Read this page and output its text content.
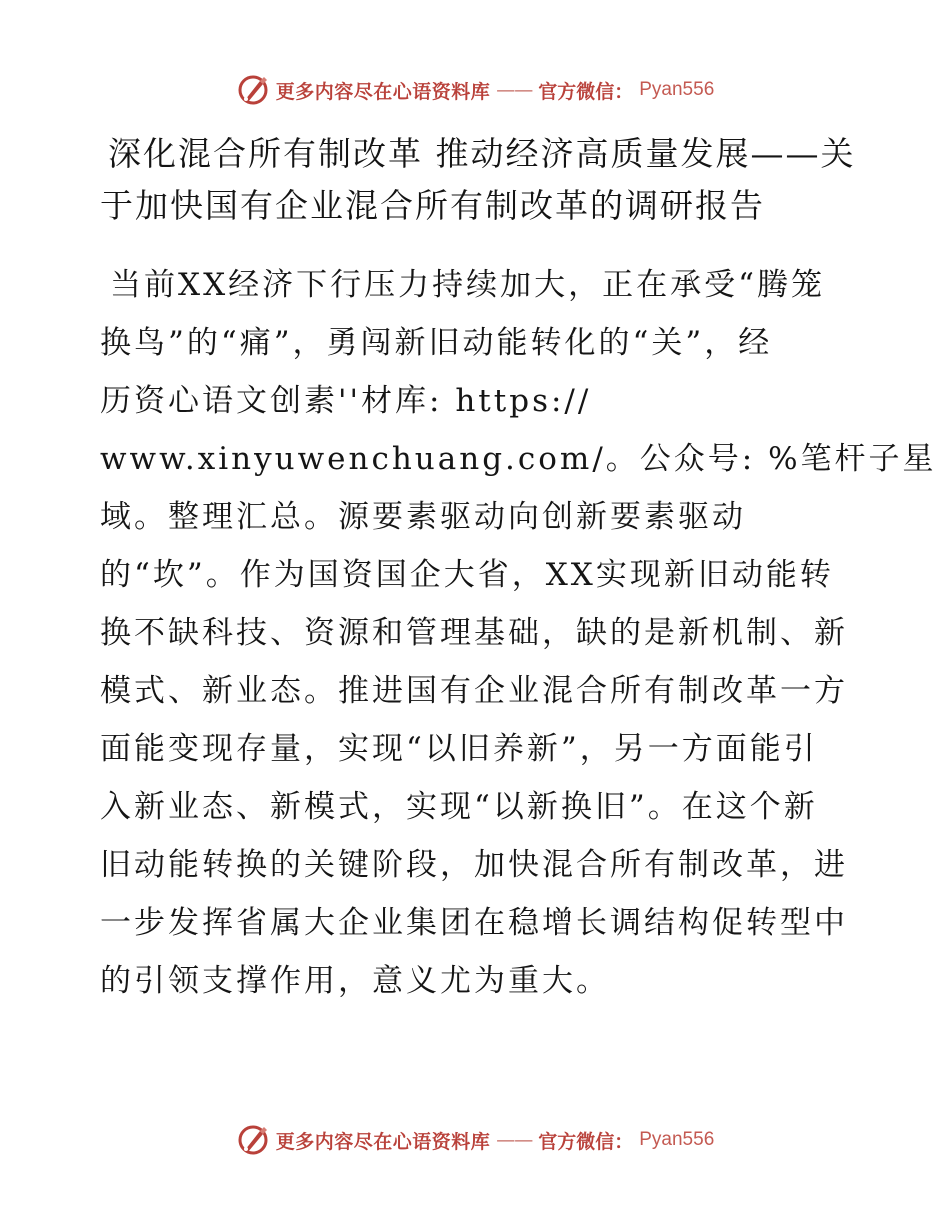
更多内容尽在心语资料库 —— 官方微信： Pyan556
深化混合所有制改革 推动经济高质量发展——关
于加快国有企业混合所有制改革的调研报告
当前XX经济下行压力持续加大，正在承受“腾笼
换鸟”的“痛”，勇闯新旧动能转化的“关”，经
历资心语文创素''材库: https://
www.xinyuwenchuang.com/。公众号: %笔杆子星
域。整理汇总。源要素驱动向创新要素驱动
的“坎”。作为国资国企大省，XX实现新旧动能转
换不缺科技、资源和管理基础，缺的是新机制、新
模式、新业态。推进国有企业混合所有制改革一方
面能变现存量，实现“以旧养新”，另一方面能引
入新业态、新模式，实现“以新换旧”。在这个新
旧动能转换的关键阶段，加快混合所有制改革，进
一步发挥省属大企业集团在稳增长调结构促转型中
的引领支撑作用，意义尤为重大。
更多内容尽在心语资料库 —— 官方微信： Pyan556
